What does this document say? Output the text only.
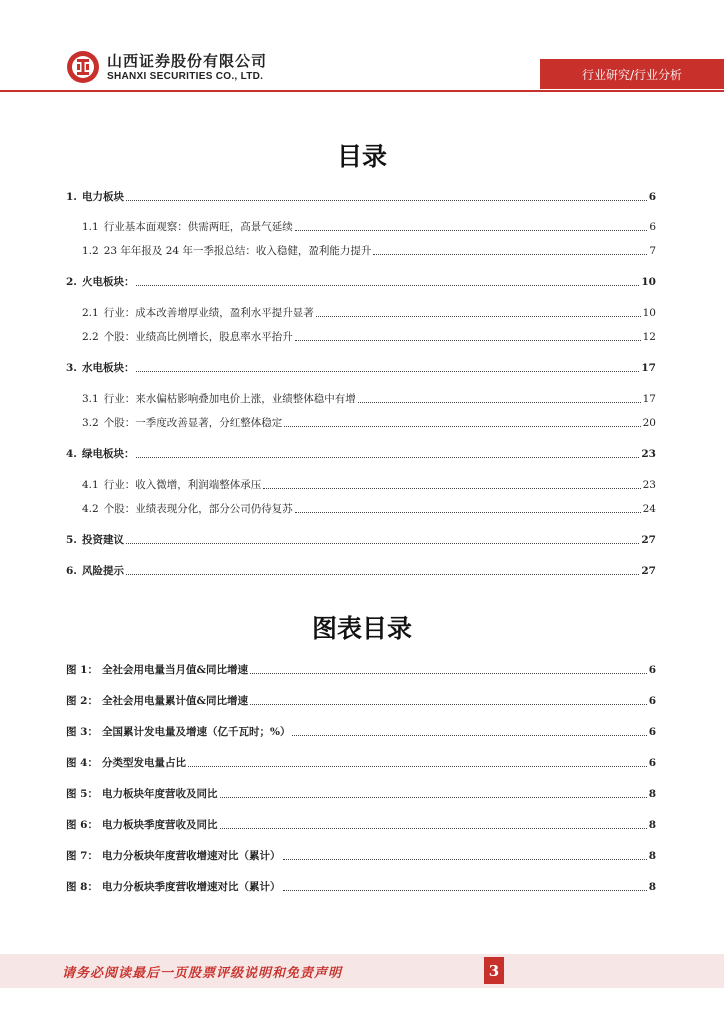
山西证券股份有限公司
SHANXI SECURITIES CO., LTD.	行业研究/行业分析
目录
1. 电力板块	6
1.1 行业基本面观察：供需两旺，高景气延续	6
1.2 23 年年报及 24 年一季报总结：收入稳健，盈利能力提升	7
2. 火电板块：	10
2.1 行业：成本改善增厚业绩，盈利水平提升显著	10
2.2 个股：业绩高比例增长，股息率水平抬升	12
3. 水电板块：	17
3.1 行业：来水偏枯影响叠加电价上涨，业绩整体稳中有增	17
3.2 个股：一季度改善显著，分红整体稳定	20
4. 绿电板块：	23
4.1 行业：收入微增，利润端整体承压	23
4.2 个股：业绩表现分化，部分公司仍待复苏	24
5. 投资建议	27
6. 风险提示	27
图表目录
图 1： 全社会用电量当月值&同比增速	6
图 2： 全社会用电量累计值&同比增速	6
图 3： 全国累计发电量及增速（亿千瓦时；%）	6
图 4： 分类型发电量占比	6
图 5： 电力板块年度营收及同比	8
图 6： 电力板块季度营收及同比	8
图 7： 电力分板块年度营收增速对比（累计）	8
图 8： 电力分板块季度营收增速对比（累计）	8
请务必阅读最后一页股票评级说明和免责声明	3
